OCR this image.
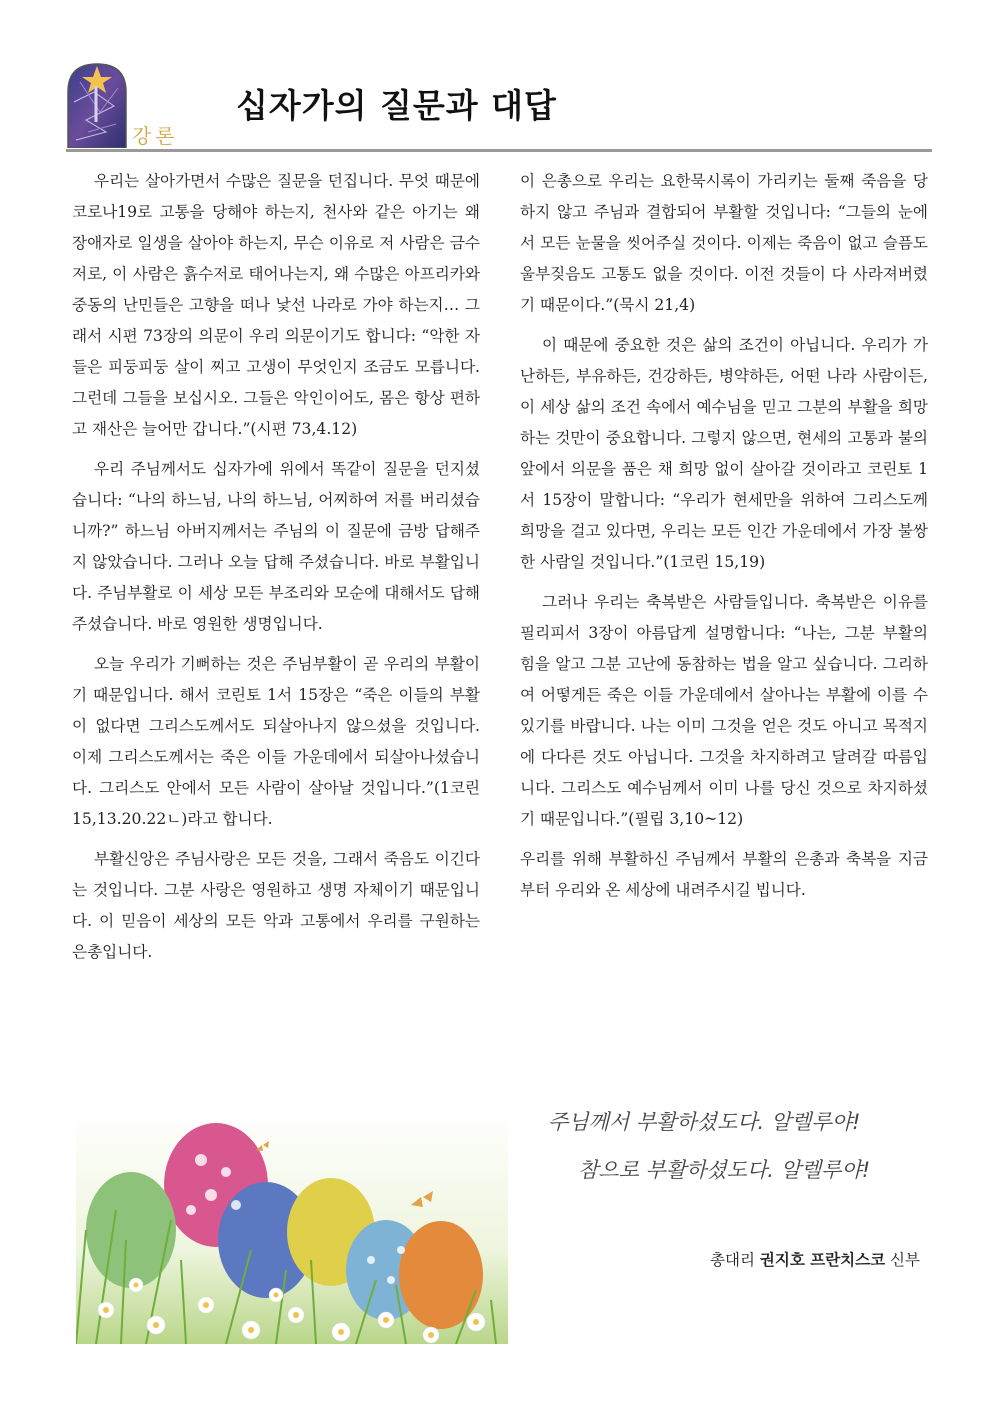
강론
십자가의 질문과 대답

우리는 살아가면서 수많은 질문을 던집니다. 무엇 때문에 코로나19로 고통을 당해야 하는지, 천사와 같은 아기는 왜 장애자로 일생을 살아야 하는지, 무슨 이유로 저 사람은 금수저로, 이 사람은 흙수저로 태어나는지, 왜 수많은 아프리카와 중동의 난민들은 고향을 떠나 낯선 나라로 가야 하는지… 그래서 시편 73장의 의문이 우리 의문이기도 합니다: “악한 자들은 피둥피둥 살이 찌고 고생이 무엇인지 조금도 모릅니다. 그런데 그들을 보십시오. 그들은 악인이어도, 몸은 항상 편하고 재산은 늘어만 갑니다.”(시편 73,4.12)

우리 주님께서도 십자가에 위에서 똑같이 질문을 던지셨습니다: “나의 하느님, 나의 하느님, 어찌하여 저를 버리셨습니까?” 하느님 아버지께서는 주님의 이 질문에 금방 답해주지 않았습니다. 그러나 오늘 답해 주셨습니다. 바로 부활입니다. 주님부활로 이 세상 모든 부조리와 모순에 대해서도 답해주셨습니다. 바로 영원한 생명입니다.

오늘 우리가 기뻐하는 것은 주님부활이 곧 우리의 부활이기 때문입니다. 해서 코린토 1서 15장은 “죽은 이들의 부활이 없다면 그리스도께서도 되살아나지 않으셨을 것입니다. 이제 그리스도께서는 죽은 이들 가운데에서 되살아나셨습니다. 그리스도 안에서 모든 사람이 살아날 것입니다.”(1코린 15,13.20.22ㄴ)라고 합니다.

부활신앙은 주님사랑은 모든 것을, 그래서 죽음도 이긴다는 것입니다. 그분 사랑은 영원하고 생명 자체이기 때문입니다. 이 믿음이 세상의 모든 악과 고통에서 우리를 구원하는 은총입니다.

이 은총으로 우리는 요한묵시록이 가리키는 둘째 죽음을 당하지 않고 주님과 결합되어 부활할 것입니다: “그들의 눈에서 모든 눈물을 씻어주실 것이다. 이제는 죽음이 없고 슬픔도 울부짖음도 고통도 없을 것이다. 이전 것들이 다 사라져버렸기 때문이다.”(묵시 21,4)

이 때문에 중요한 것은 삶의 조건이 아닙니다. 우리가 가난하든, 부유하든, 건강하든, 병약하든, 어떤 나라 사람이든, 이 세상 삶의 조건 속에서 예수님을 믿고 그분의 부활을 희망하는 것만이 중요합니다. 그렇지 않으면, 현세의 고통과 불의 앞에서 의문을 품은 채 희망 없이 살아갈 것이라고 코린토 1서 15장이 말합니다: “우리가 현세만을 위하여 그리스도께 희망을 걸고 있다면, 우리는 모든 인간 가운데에서 가장 불쌍한 사람일 것입니다.”(1코린 15,19)

그러나 우리는 축복받은 사람들입니다. 축복받은 이유를 필리피서 3장이 아름답게 설명합니다: “나는, 그분 부활의 힘을 알고 그분 고난에 동참하는 법을 알고 싶습니다. 그리하여 어떻게든 죽은 이들 가운데에서 살아나는 부활에 이를 수 있기를 바랍니다. 나는 이미 그것을 얻은 것도 아니고 목적지에 다다른 것도 아닙니다. 그것을 차지하려고 달려갈 따름입니다. 그리스도 예수님께서 이미 나를 당신 것으로 차지하셨기 때문입니다.”(필립 3,10~12)

우리를 위해 부활하신 주님께서 부활의 은총과 축복을 지금부터 우리와 온 세상에 내려주시길 빕니다.

주님께서 부활하셨도다. 알렐루야!
참으로 부활하셨도다. 알렐루야!
총대리 권지호 프란치스코 신부
